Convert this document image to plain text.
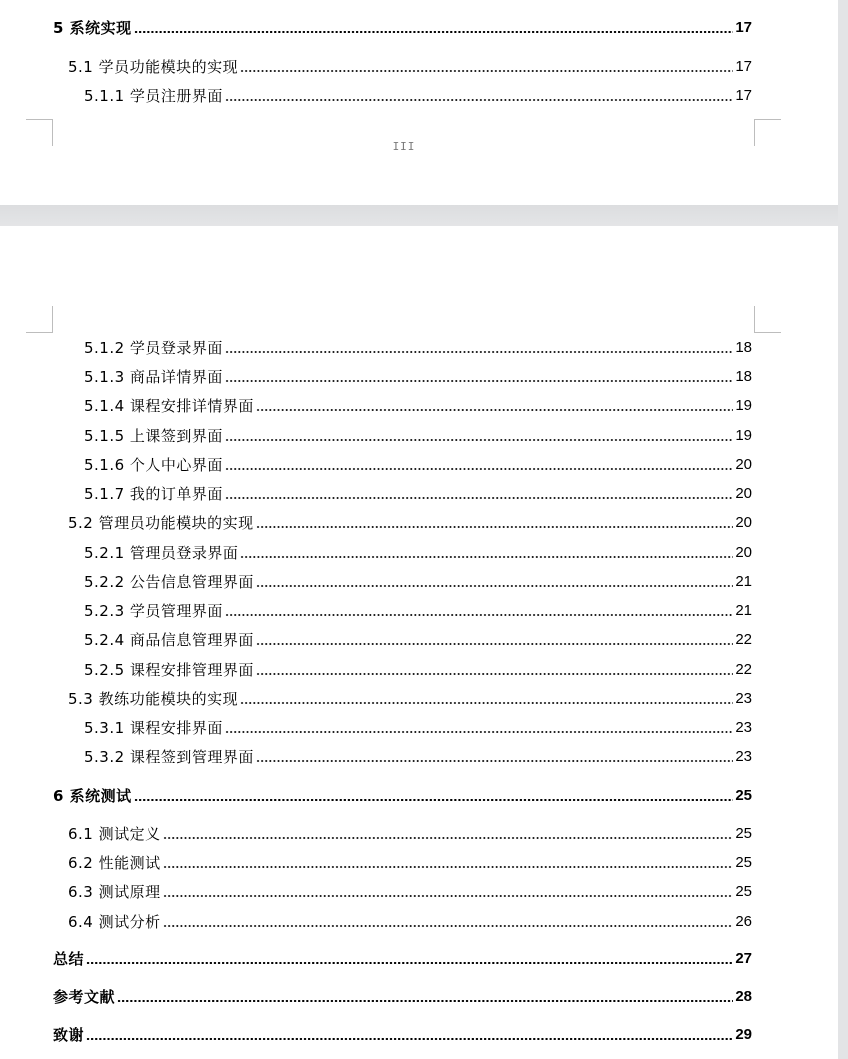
5 系统实现	17
5.1 学员功能模块的实现	17
5.1.1 学员注册界面	17
III
5.1.2 学员登录界面	18
5.1.3 商品详情界面	18
5.1.4 课程安排详情界面	19
5.1.5 上课签到界面	19
5.1.6 个人中心界面	20
5.1.7 我的订单界面	20
5.2 管理员功能模块的实现	20
5.2.1 管理员登录界面	20
5.2.2 公告信息管理界面	21
5.2.3 学员管理界面	21
5.2.4 商品信息管理界面	22
5.2.5 课程安排管理界面	22
5.3 教练功能模块的实现	23
5.3.1 课程安排界面	23
5.3.2 课程签到管理界面	23
6 系统测试	25
6.1 测试定义	25
6.2 性能测试	25
6.3 测试原理	25
6.4 测试分析	26
总结	27
参考文献	28
致谢	29
